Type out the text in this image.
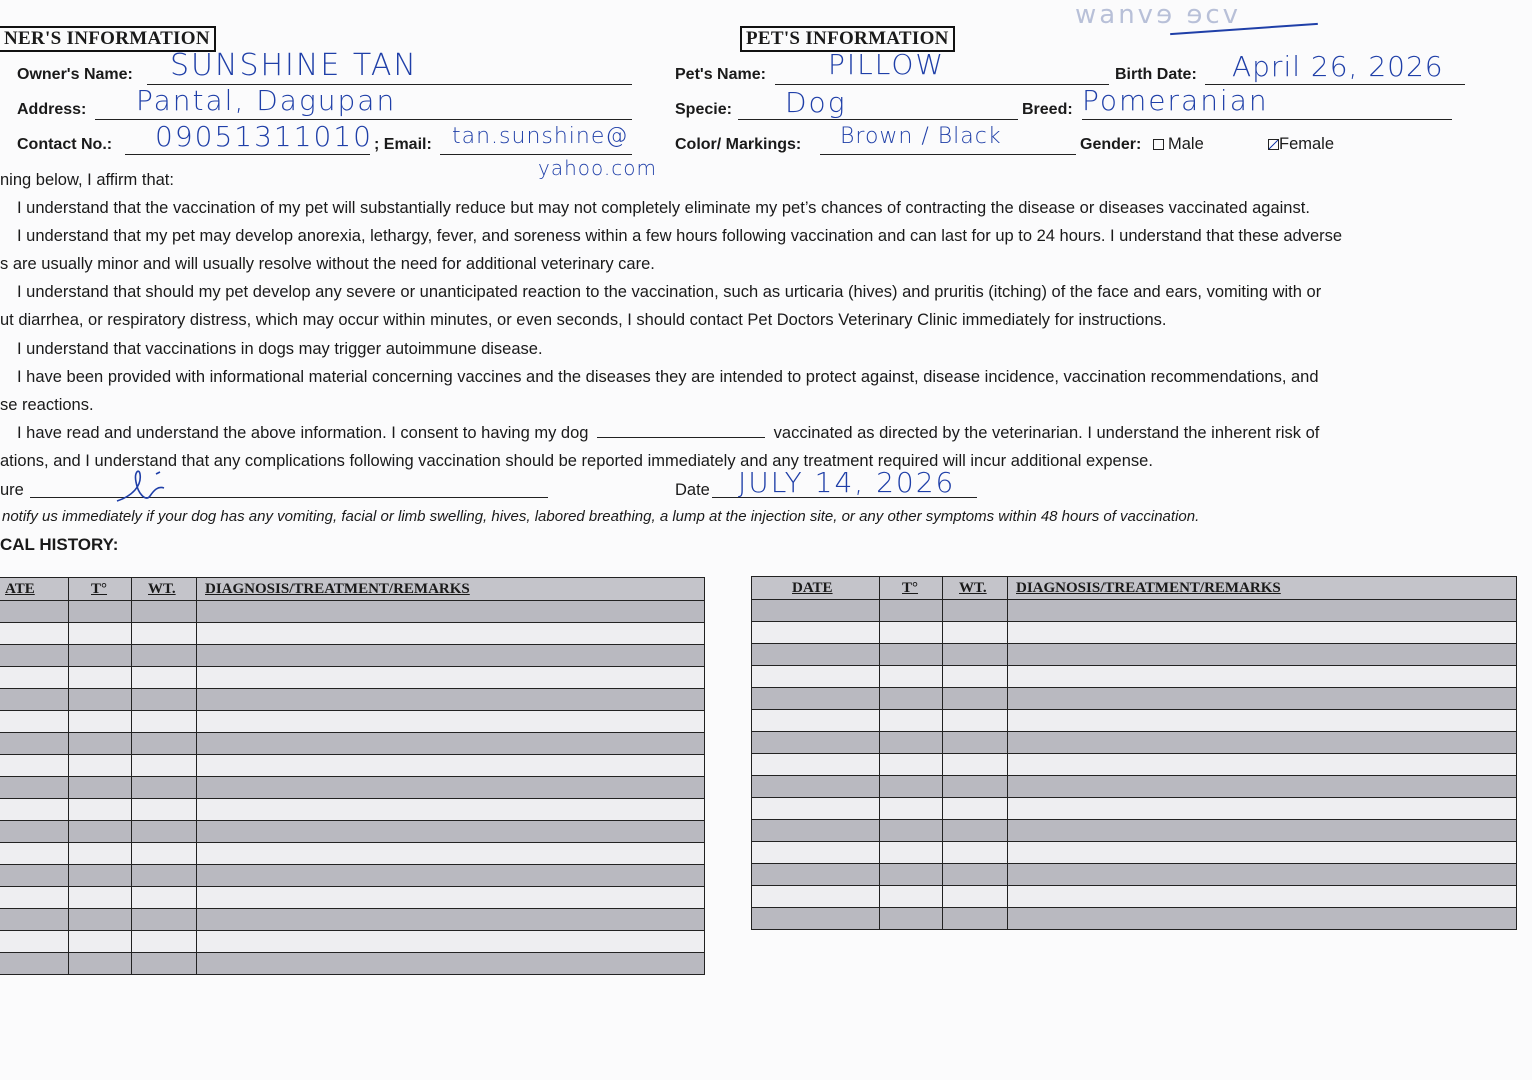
wanvɘ ɘcv
NER'S INFORMATION
Owner's Name: SUNSHINE TAN
Address: Pantal, Dagupan
Contact No.: 09051311010 ; Email: tan.sunshine@
yahoo.com
PET'S INFORMATION
Pet's Name: PILLOW	Birth Date: April 26, 2026
Specie: Dog	Breed: Pomeranian
Color/ Markings: Brown / Black	Gender:	Male	Female
ning below, I affirm that:
I understand that the vaccination of my pet will substantially reduce but may not completely eliminate my pet’s chances of contracting the disease or diseases vaccinated against.
I understand that my pet may develop anorexia, lethargy, fever, and soreness within a few hours following vaccination and can last for up to 24 hours. I understand that these adverse
s are usually minor and will usually resolve without the need for additional veterinary care.
I understand that should my pet develop any severe or unanticipated reaction to the vaccination, such as urticaria (hives) and pruritis (itching) of the face and ears, vomiting with or
ut diarrhea, or respiratory distress, which may occur within minutes, or even seconds, I should contact Pet Doctors Veterinary Clinic immediately for instructions.
I understand that vaccinations in dogs may trigger autoimmune disease.
I have been provided with informational material concerning vaccines and the diseases they are intended to protect against, disease incidence, vaccination recommendations, and
se reactions.
I have read and understand the above information. I consent to having my dog	vaccinated as directed by the veterinarian. I understand the inherent risk of
ations, and I understand that any complications following vaccination should be reported immediately and any treatment required will incur additional expense.
ure	Date JULY 14, 2026
notify us immediately if your dog has any vomiting, facial or limb swelling, hives, labored breathing, a lump at the injection site, or any other symptoms within 48 hours of vaccination.
CAL HISTORY:
ATE	T°	WT.	DIAGNOSIS/TREATMENT/REMARKS

				DATE	T°	WT.	DIAGNOSIS/TREATMENT/REMARKS
